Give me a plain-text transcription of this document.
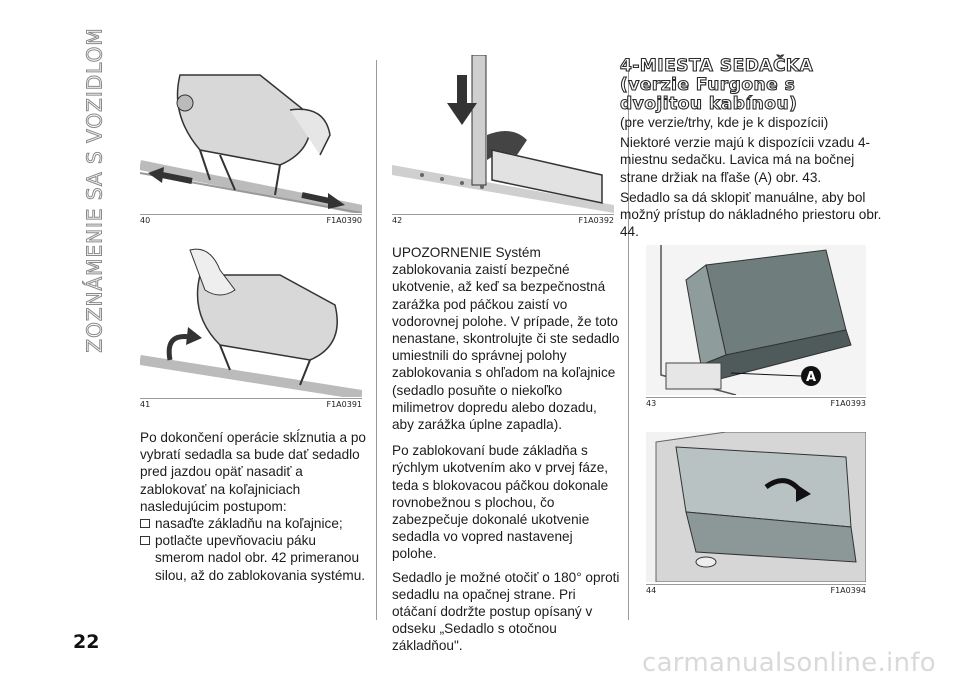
ZOZNÁMENIE SA S VOZIDLOM
22
40	F1A0390
41	F1A0391

Po dokončení operácie skĺznutia a po vybratí sedadla sa bude dať sedadlo pred jazdou opäť nasadiť a zablokovať na koľajniciach nasledujúcim postupom:

nasaďte základňu na koľajnice;
potlačte upevňovaciu páku smerom nadol obr. 42 primeranou silou, až do zablokovania systému.
42	F1A0392

UPOZORNENIE Systém zablokovania zaistí bezpečné ukotvenie, až keď sa bezpečnostná zarážka pod páčkou zaistí vo vodorovnej polohe. V prípade, že toto nenastane, skontrolujte či ste sedadlo umiestnili do správnej polohy zablokovania s ohľadom na koľajnice (sedadlo posuňte o niekoľko milimetrov dopredu alebo dozadu, aby zarážka úplne zapadla).

Po zablokovaní bude základňa s rýchlym ukotvením ako v prvej fáze, teda s blokovacou páčkou dokonale rovnobežnou s plochou, čo zabezpečuje dokonalé ukotvenie sedadla vo vopred nastavenej polohe.

Sedadlo je možné otočiť o 180° oproti sedadlu na opačnej strane. Pri otáčaní dodržte postup opísaný v odseku „Sedadlo s otočnou základňou".

4-MIESTA SEDAČKA
(verzie Furgone s
dvojitou kabínou)

(pre verzie/trhy, kde je k dispozícii)

Niektoré verzie majú k dispozícii vzadu 4-miestnu sedačku. Lavica má na bočnej strane držiak na fľaše (A) obr. 43.

Sedadlo sa dá sklopiť manuálne, aby bol možný prístup do nákladného priestoru obr. 44.

A
43	F1A0393
44	F1A0394
carmanualsonline.info
